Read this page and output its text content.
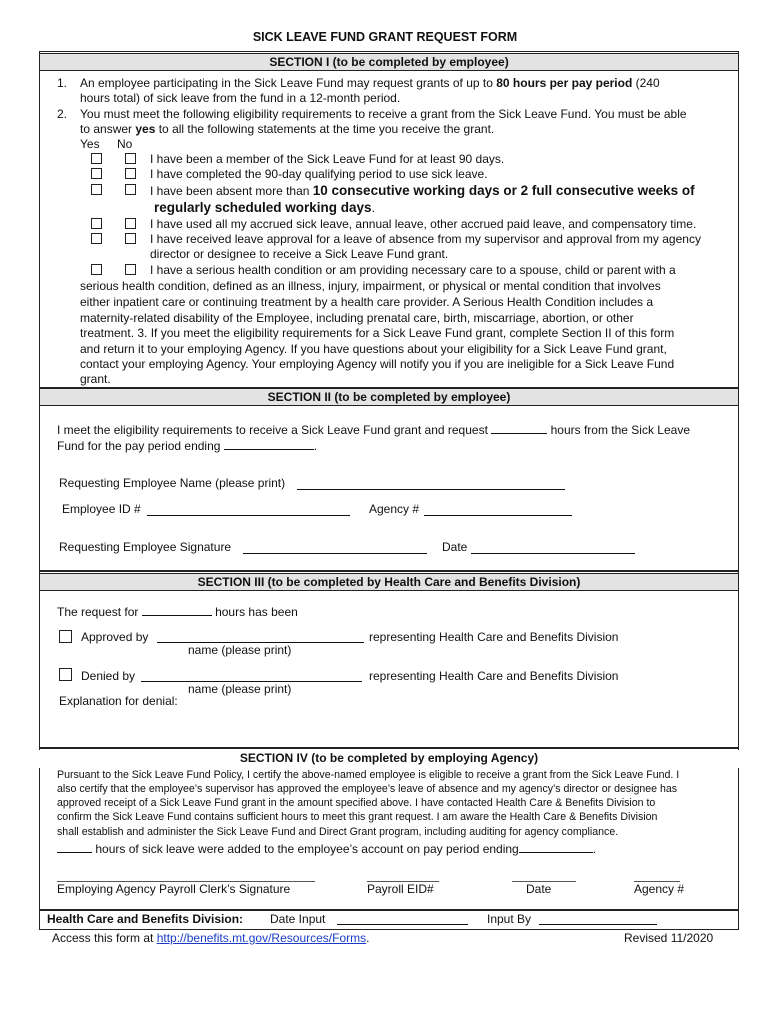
SICK LEAVE FUND GRANT REQUEST FORM
SECTION I (to be completed by employee)
1. An employee participating in the Sick Leave Fund may request grants of up to 80 hours per pay period (240
hours total) of sick leave from the fund in a 12-month period.
2. You must meet the following eligibility requirements to receive a grant from the Sick Leave Fund. You must be able
to answer yes to all the following statements at the time you receive the grant.
Yes No
I have been a member of the Sick Leave Fund for at least 90 days.
I have completed the 90-day qualifying period to use sick leave.
I have been absent more than 10 consecutive working days or 2 full consecutive weeks of
regularly scheduled working days.
I have used all my accrued sick leave, annual leave, other accrued paid leave, and compensatory time.
I have received leave approval for a leave of absence from my supervisor and approval from my agency
director or designee to receive a Sick Leave Fund grant.
I have a serious health condition or am providing necessary care to a spouse, child or parent with a
serious health condition, defined as an illness, injury, impairment, or physical or mental condition that involves
either inpatient care or continuing treatment by a health care provider. A Serious Health Condition includes a
maternity-related disability of the Employee, including prenatal care, birth, miscarriage, abortion, or other
treatment. 3. If you meet the eligibility requirements for a Sick Leave Fund grant, complete Section II of this form
and return it to your employing Agency. If you have questions about your eligibility for a Sick Leave Fund grant,
contact your employing Agency. Your employing Agency will notify you if you are ineligible for a Sick Leave Fund
grant.
SECTION II (to be completed by employee)
I meet the eligibility requirements to receive a Sick Leave Fund grant and request	hours from the Sick Leave
Fund for the pay period ending	.
Requesting Employee Name (please print)
Employee ID #	Agency #
Requesting Employee Signature	Date
SECTION III (to be completed by Health Care and Benefits Division)
The request for	hours has been
Approved by	representing Health Care and Benefits Division
name (please print)
Denied by	representing Health Care and Benefits Division
name (please print)
Explanation for denial:
SECTION IV (to be completed by employing Agency)
Pursuant to the Sick Leave Fund Policy, I certify the above-named employee is eligible to receive a grant from the Sick Leave Fund. I
also certify that the employee’s supervisor has approved the employee’s leave of absence and my agency’s director or designee has
approved receipt of a Sick Leave Fund grant in the amount specified above. I have contacted Health Care & Benefits Division to
confirm the Sick Leave Fund contains sufficient hours to meet this grant request. I am aware the Health Care & Benefits Division
shall establish and administer the Sick Leave Fund and Direct Grant program, including auditing for agency compliance.
hours of sick leave were added to the employee’s account on pay period ending	.
Employing Agency Payroll Clerk’s Signature	Payroll EID#	Date	Agency #
Health Care and Benefits Division: Date Input	Input By
Access this form at http://benefits.mt.gov/Resources/Forms.	Revised 11/2020
